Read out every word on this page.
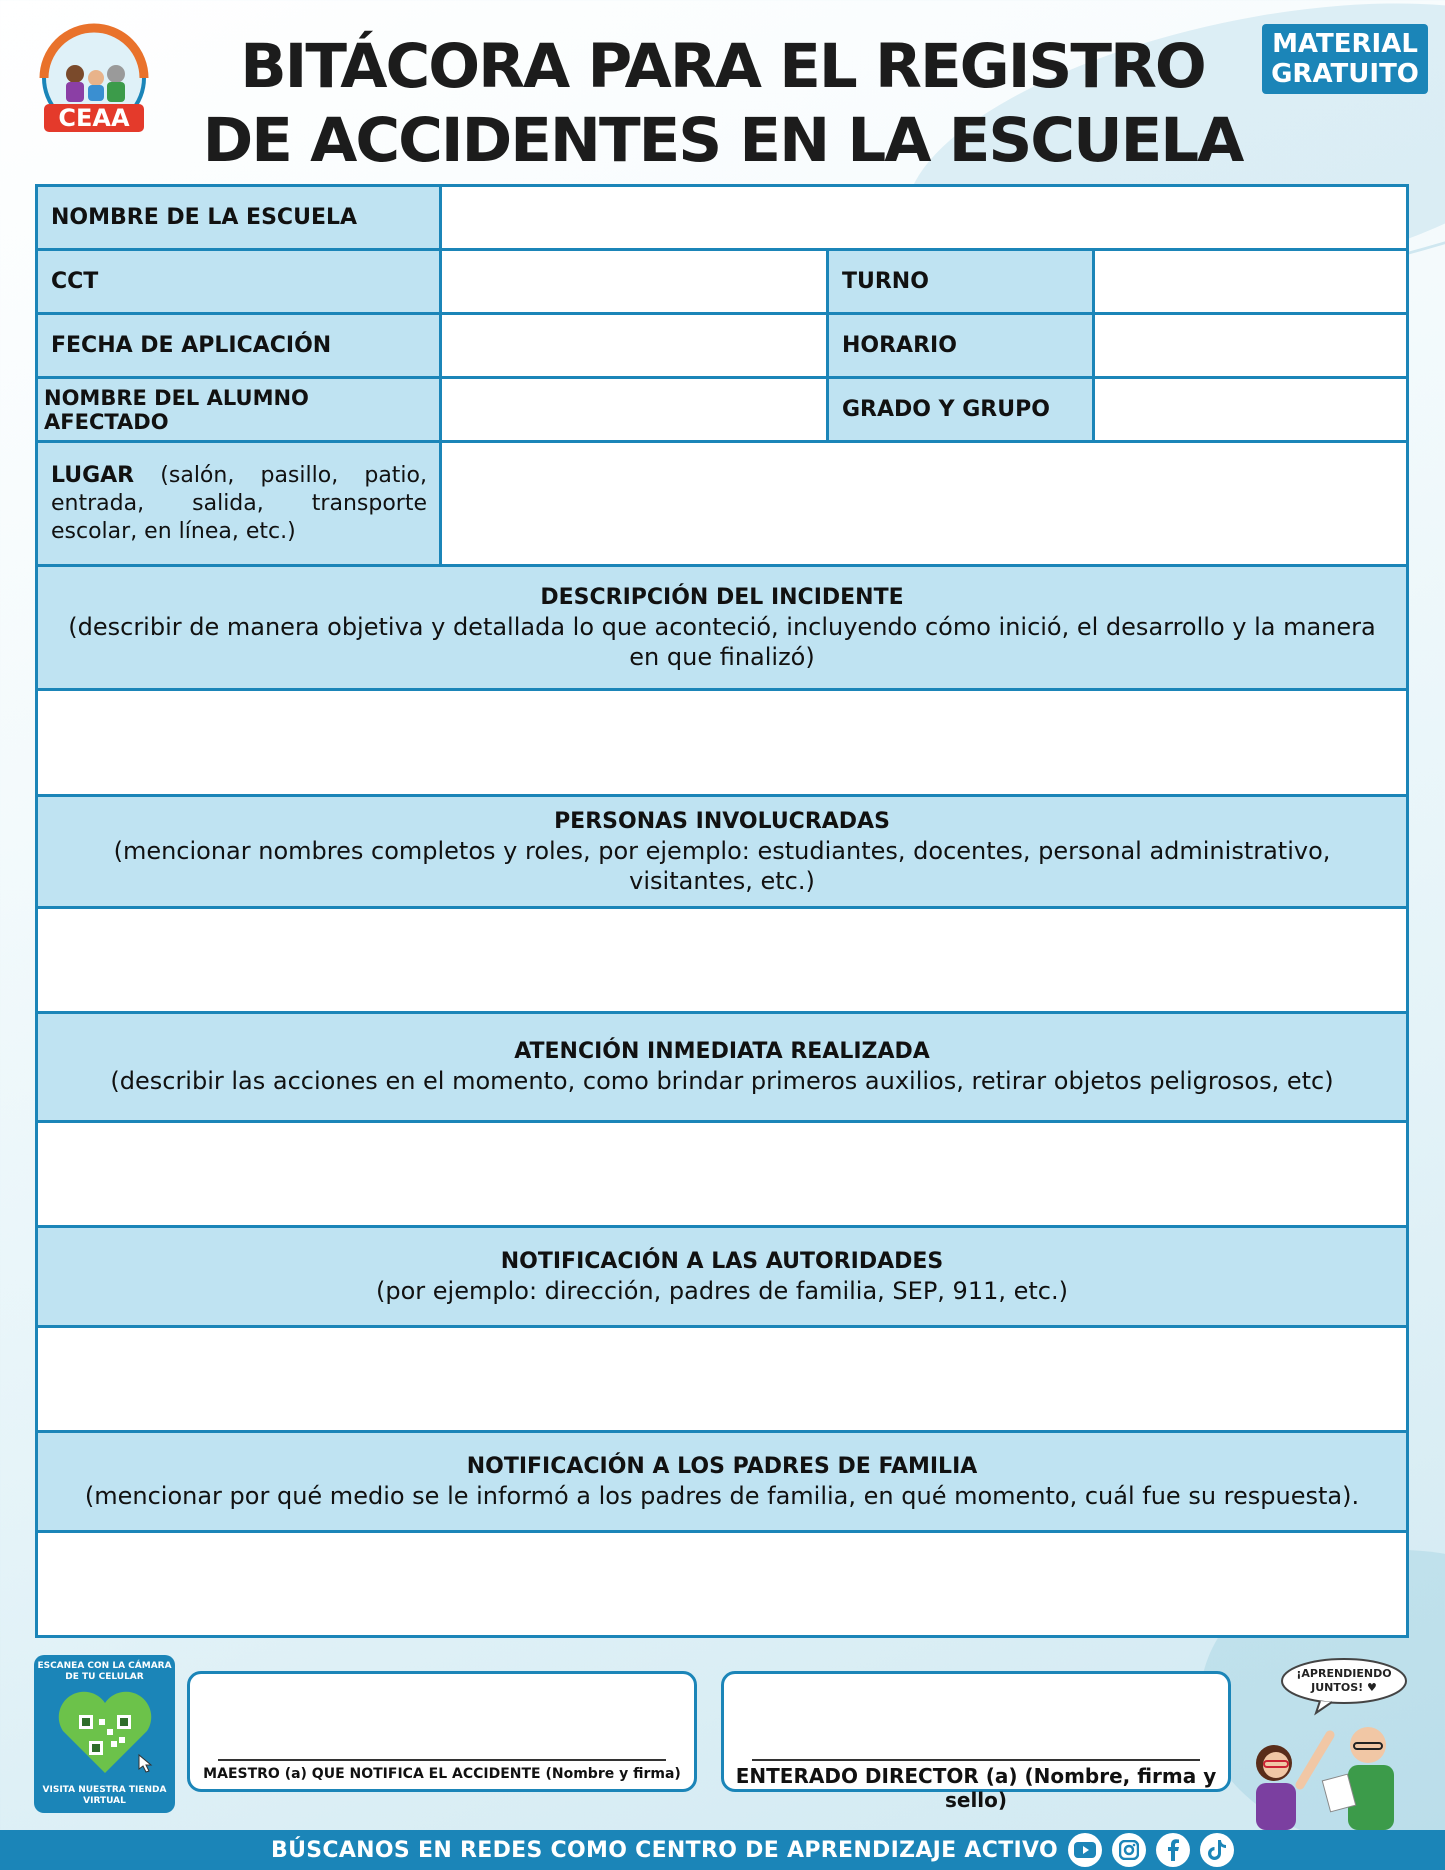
CEAA
BITÁCORA PARA EL REGISTRO
DE ACCIDENTES EN LA ESCUELA
MATERIAL
GRATUITO
NOMBRE DE LA ESCUELA
CCT	TURNO
FECHA DE APLICACIÓN	HORARIO
NOMBRE DEL ALUMNO AFECTADO	GRADO Y GRUPO
LUGAR (salón, pasillo, patio, entrada, salida, transporte escolar, en línea, etc.)
DESCRIPCIÓN DEL INCIDENTE
(describir de manera objetiva y detallada lo que aconteció, incluyendo cómo inició, el desarrollo y la manera en que finalizó)
PERSONAS INVOLUCRADAS
(mencionar nombres completos y roles, por ejemplo: estudiantes, docentes, personal administrativo, visitantes, etc.)
ATENCIÓN INMEDIATA REALIZADA
(describir las acciones en el momento, como brindar primeros auxilios, retirar objetos peligrosos, etc)
NOTIFICACIÓN A LAS AUTORIDADES
(por ejemplo: dirección, padres de familia, SEP, 911, etc.)
NOTIFICACIÓN A LOS PADRES DE FAMILIA
(mencionar por qué medio se le informó a los padres de familia, en qué momento, cuál fue su respuesta).
ESCANEA CON LA CÁMARA DE TU CELULAR
VISITA NUESTRA TIENDA VIRTUAL
MAESTRO (a) QUE NOTIFICA EL ACCIDENTE (Nombre y firma)	ENTERADO DIRECTOR (a) (Nombre, firma y sello)
¡APRENDIENDO
JUNTOS! ♥
BÚSCANOS EN REDES COMO CENTRO DE APRENDIZAJE ACTIVO
